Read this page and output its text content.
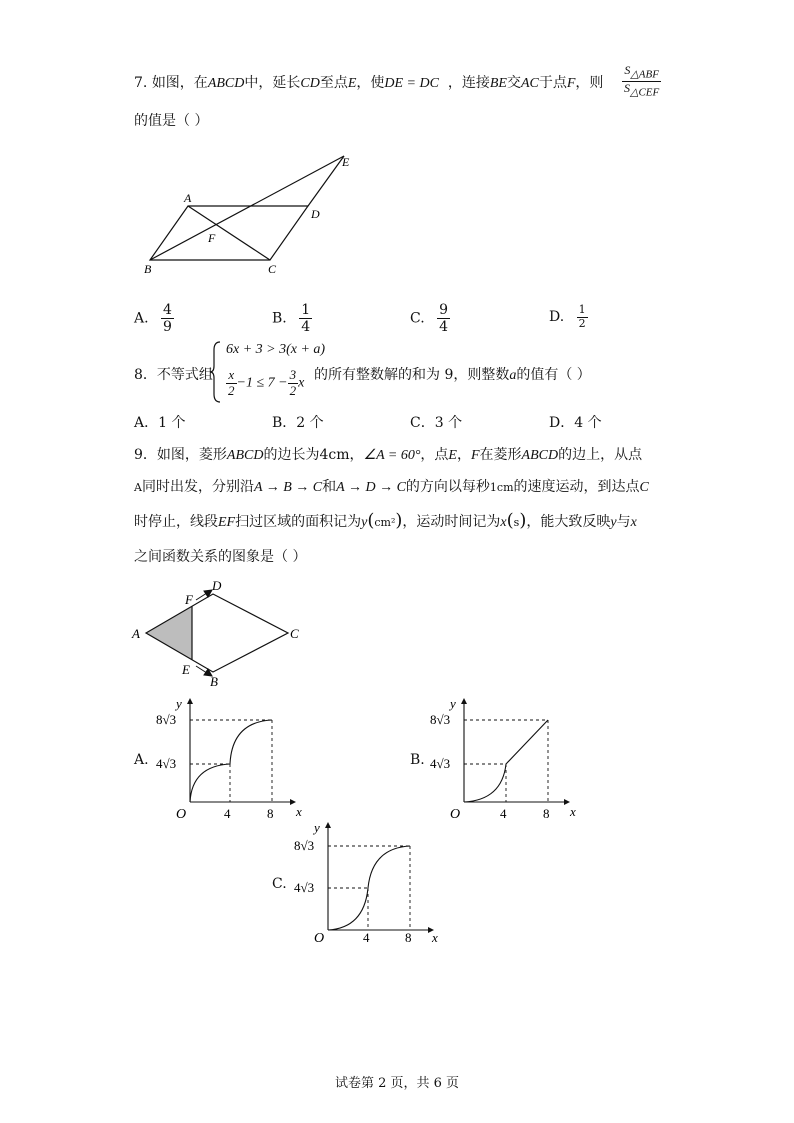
7. 如图，在ABCD中，延长CD至点E，使DE = DC ，连接BE交AC于点F，则 $\frac{S_{\triangle ABF}}{S_{\triangle CEF}}$
的值是（ ）
A
D
E
F
B	C
A. $\frac{4}{9}$	B. $\frac{1}{4}$	C. $\frac{9}{4}$	D. $\frac{1}{2}$
8．不等式组
6x + 3 > 3(x + a)
$\frac{x}{2} -1 \le 7 - \frac{3}{2}$ x
的所有整数解的和为 9，则整数a的值有（ ）
A．1 个	B．2 个	C．3 个	D．4 个
9．如图，菱形ABCD的边长为4cm，∠A = 60°，点E，F在菱形ABCD的边上，从点
A同时出发，分别沿A → B → C和A → D → C的方向以每秒1cm的速度运动，到达点C
时停止，线段EF扫过区域的面积记为y(cm²)，运动时间记为x(s)，能大致反映y与x
之间函数关系的图象是（ ）
A
D
F
C
E
B
A.
y
x
O	4	8
8√3
4√3	B.
y
x
O	4	8
8√3
4√3
C.
y
x
O	4	8
8√3
4√3
试卷第 2 页，共 6 页
